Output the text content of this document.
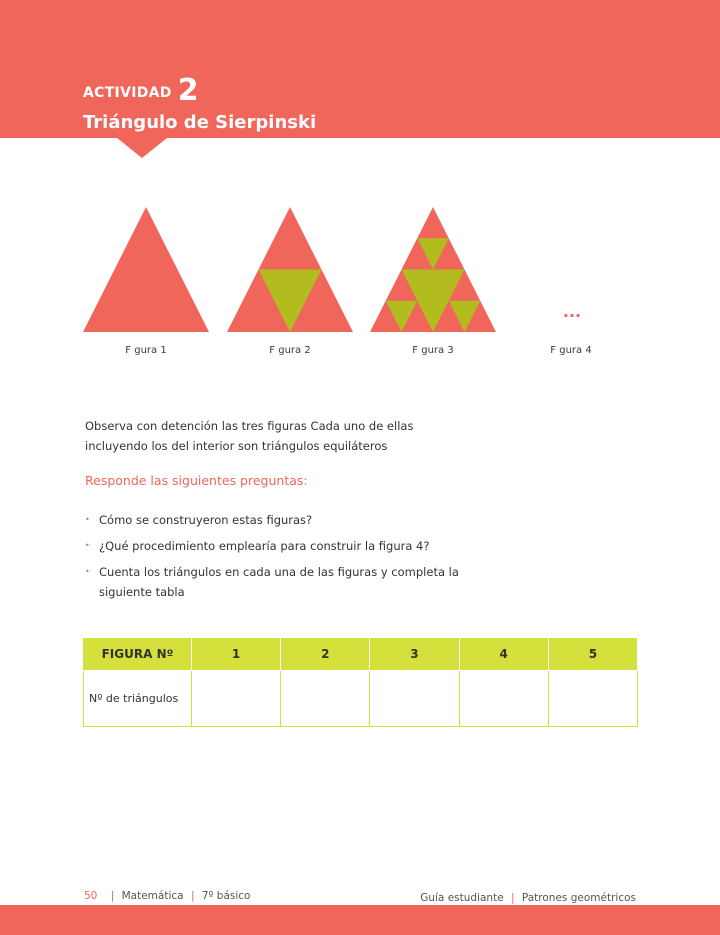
ACTIVIDAD 2
Triángulo de Sierpinski
...
F gura 1	F gura 2	F gura 3	F gura 4
Observa con detención las tres figuras Cada uno de ellas incluyendo los del interior son triángulos equiláteros
Responde las siguientes preguntas:
• Cómo se construyeron estas figuras?
• ¿Qué procedimiento emplearía para construir la figura 4?
• Cuenta los triángulos en cada una de las figuras y completa la siguiente tabla
FIGURA Nº	1	2	3	4	5
Nº de triángulos					
50 | Matemática | 7º básico	Guía estudiante | Patrones geométricos
